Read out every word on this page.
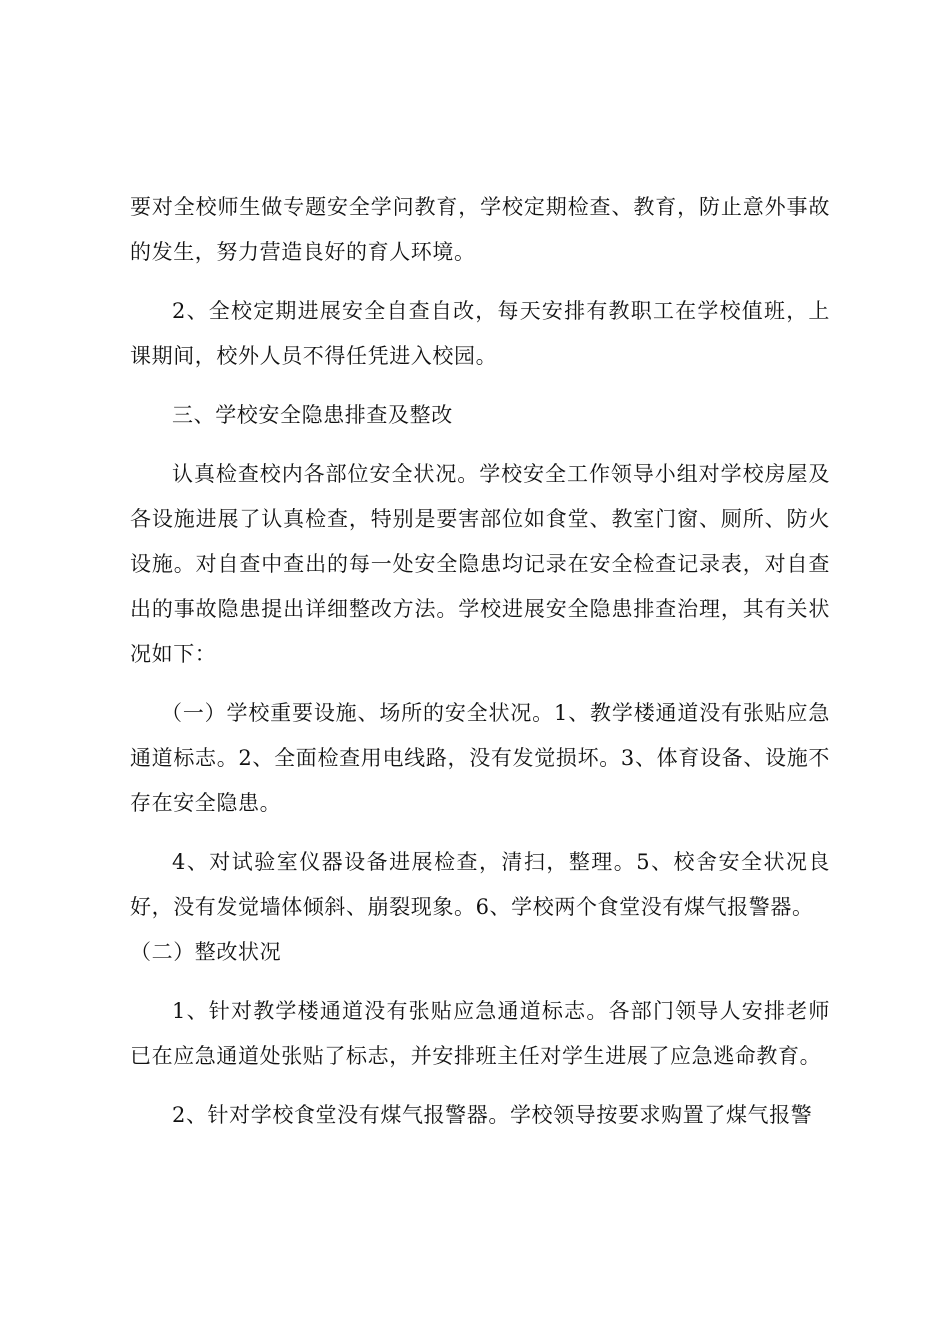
要对全校师生做专题安全学问教育，学校定期检查、教育，防止意外事故的发生，努力营造良好的育人环境。

2、全校定期进展安全自查自改，每天安排有教职工在学校值班，上课期间，校外人员不得任凭进入校园。

三、学校安全隐患排查及整改

认真检查校内各部位安全状况。学校安全工作领导小组对学校房屋及各设施进展了认真检查，特别是要害部位如食堂、教室门窗、厕所、防火设施。对自查中查出的每一处安全隐患均记录在安全检查记录表，对自查出的事故隐患提出详细整改方法。学校进展安全隐患排查治理，其有关状况如下：

（一）学校重要设施、场所的安全状况。1、教学楼通道没有张贴应急通道标志。2、全面检查用电线路，没有发觉损坏。3、体育设备、设施不存在安全隐患。

4、对试验室仪器设备进展检查，清扫，整理。5、校舍安全状况良好，没有发觉墙体倾斜、崩裂现象。6、学校两个食堂没有煤气报警器。

（二）整改状况

1、针对教学楼通道没有张贴应急通道标志。各部门领导人安排老师已在应急通道处张贴了标志，并安排班主任对学生进展了应急逃命教育。

2、针对学校食堂没有煤气报警器。学校领导按要求购置了煤气报警
